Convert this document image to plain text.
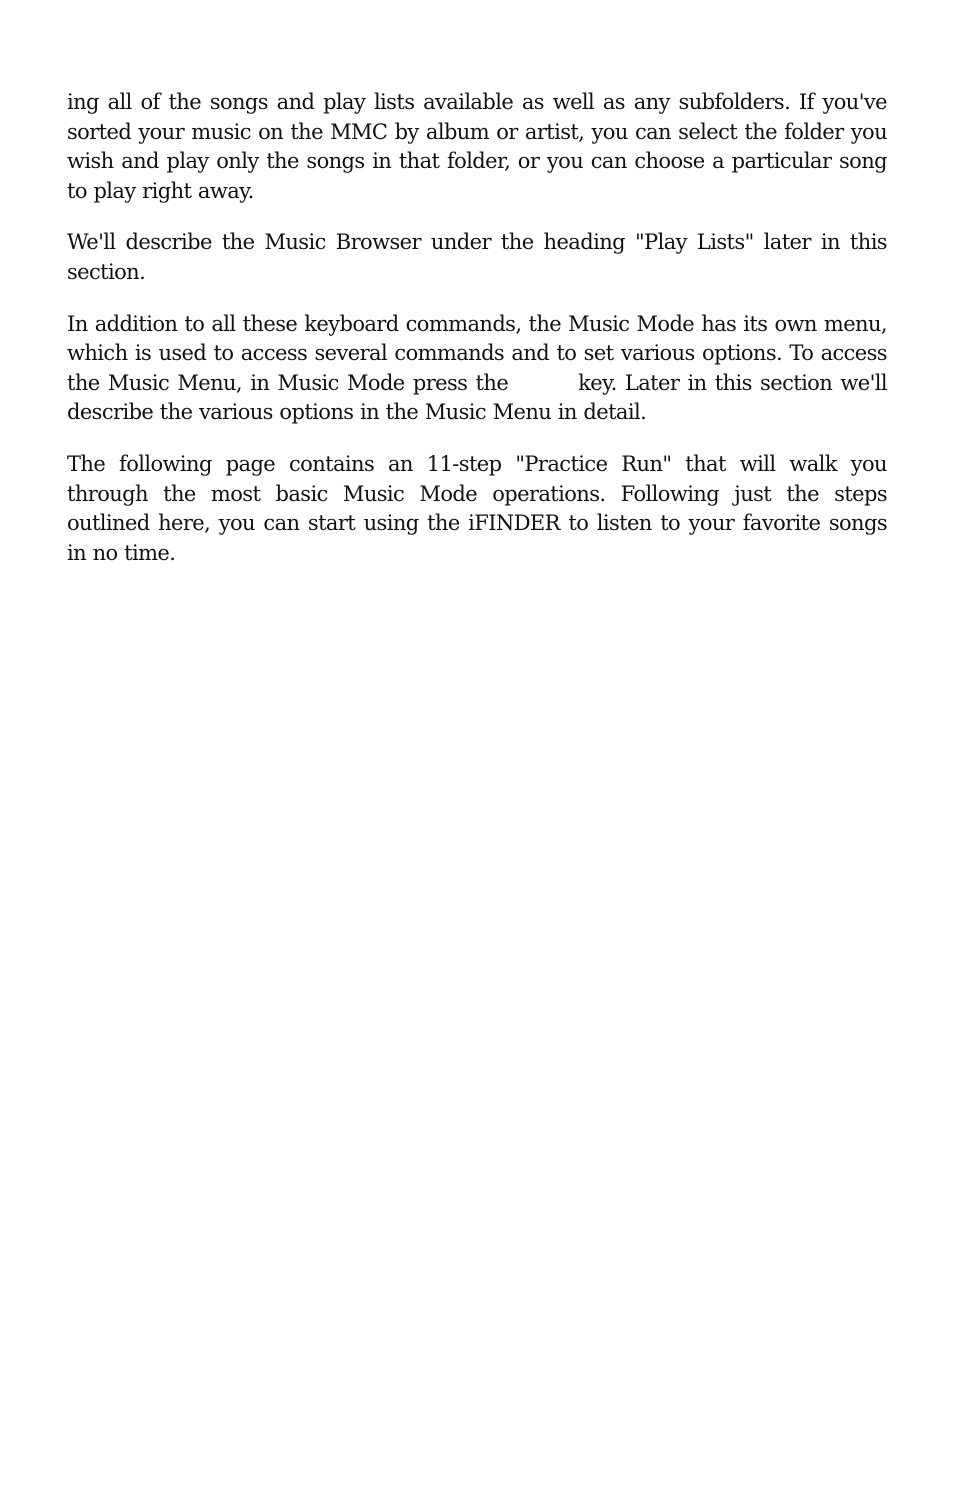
ing all of the songs and play lists available as well as any subfolders. If you've sorted your music on the MMC by album or artist, you can select the folder you wish and play only the songs in that folder, or you can choose a particular song to play right away.

We'll describe the Music Browser under the heading "Play Lists" later in this section.

In addition to all these keyboard commands, the Music Mode has its own menu, which is used to access several commands and to set various options. To access the Music Menu, in Music Mode press the	key. Later in this section we'll describe the various options in the Music Menu in detail.

The following page contains an 11-step "Practice Run" that will walk you through the most basic Music Mode operations. Following just the steps outlined here, you can start using the iFINDER to listen to your favorite songs in no time.
